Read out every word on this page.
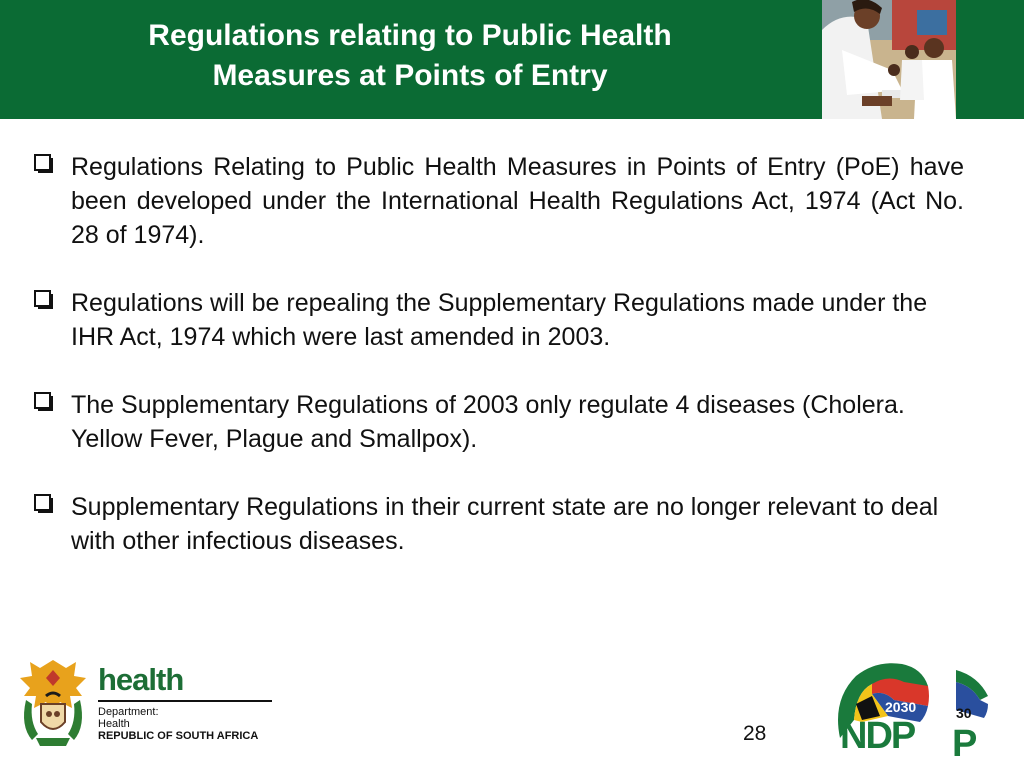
Regulations relating to Public Health
Measures at Points of Entry
Regulations Relating to Public Health Measures in Points of Entry (PoE) have been developed under the International Health Regulations Act, 1974 (Act No. 28 of 1974).
Regulations will be repealing the Supplementary Regulations made under the IHR Act, 1974 which were last amended in 2003.
The Supplementary Regulations of 2003 only regulate 4 diseases (Cholera. Yellow Fever, Plague and Smallpox).
Supplementary Regulations in their current state are no longer relevant to deal with other infectious diseases.
health
Department:
Health
REPUBLIC OF SOUTH AFRICA	28
2030
NDP
30
P
